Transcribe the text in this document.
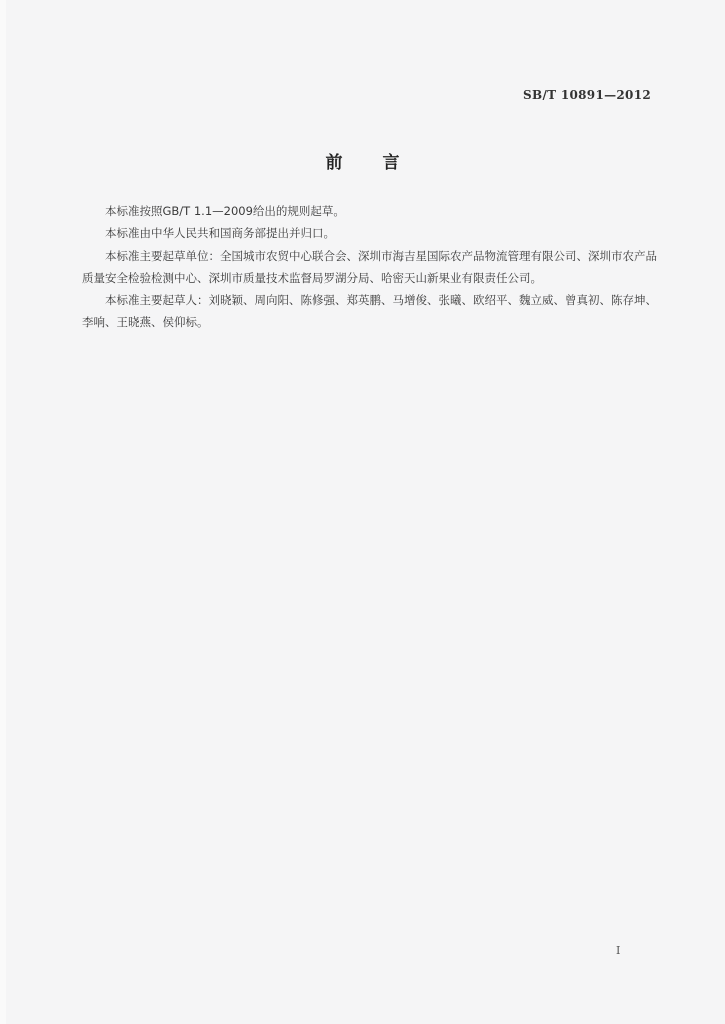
SB/T 10891—2012
前 言

本标准按照GB/T 1.1—2009给出的规则起草。

本标准由中华人民共和国商务部提出并归口。

本标准主要起草单位：全国城市农贸中心联合会、深圳市海吉星国际农产品物流管理有限公司、深圳市农产品质量安全检验检测中心、深圳市质量技术监督局罗湖分局、哈密天山新果业有限责任公司。

本标准主要起草人：刘晓颖、周向阳、陈修强、郑英鹏、马增俊、张曦、欧绍平、魏立威、曾真初、陈存坤、李响、王晓燕、侯仰标。

I
